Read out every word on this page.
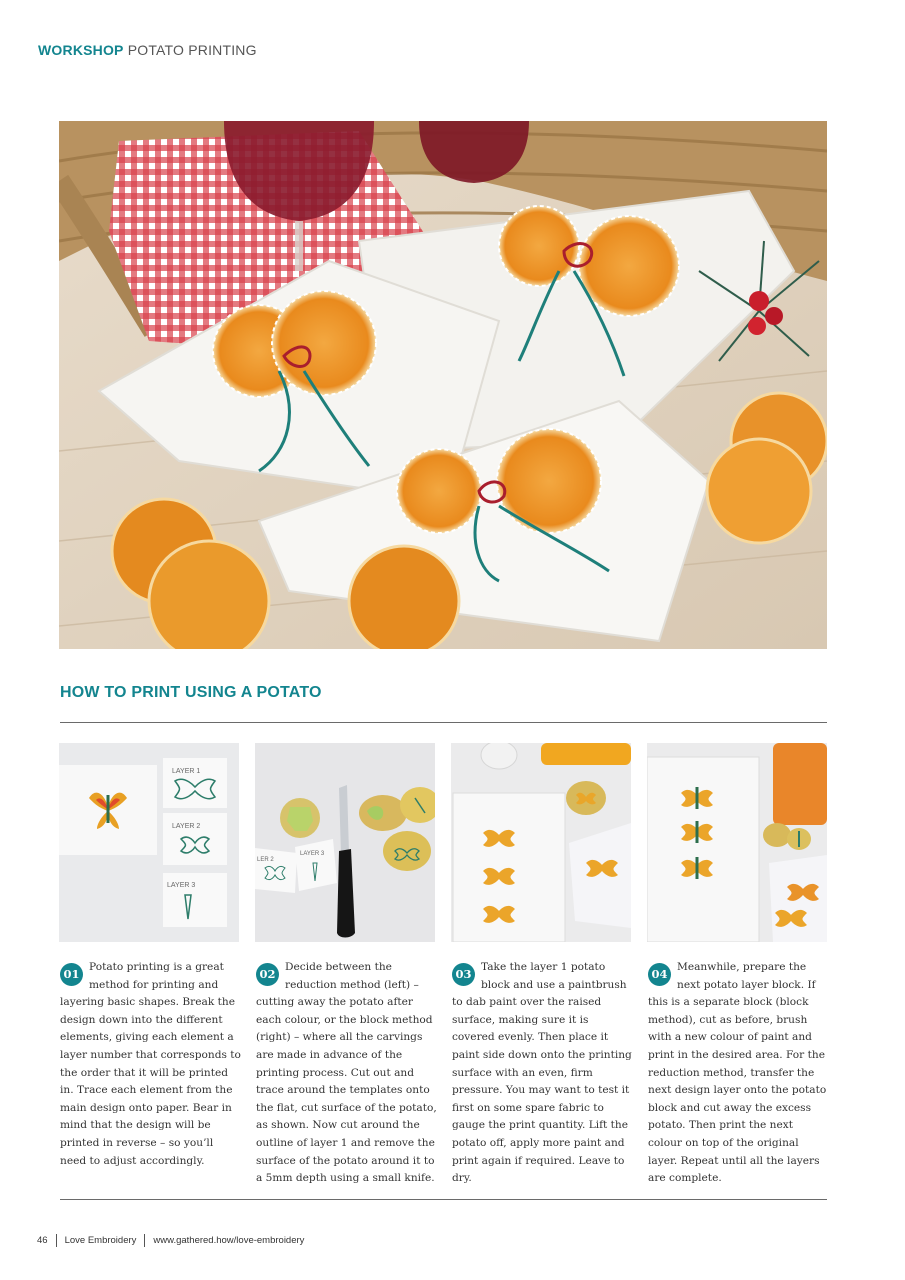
WORKSHOP POTATO PRINTING
HOW TO PRINT USING A POTATO
LAYER 1
LAYER 2
LAYER 3
LER 2
LAYER 3
01 Potato printing is a great method for printing and layering basic shapes. Break the design down into the different elements, giving each element a layer number that corresponds to the order that it will be printed in. Trace each element from the main design onto paper. Bear in mind that the design will be printed in reverse – so you’ll need to adjust accordingly.
02 Decide between the reduction method (left) – cutting away the potato after each colour, or the block method (right) – where all the carvings are made in advance of the printing process. Cut out and trace around the templates onto the flat, cut surface of the potato, as shown. Now cut around the outline of layer 1 and remove the surface of the potato around it to a 5mm depth using a small knife.
03 Take the layer 1 potato block and use a paintbrush to dab paint over the raised surface, making sure it is covered evenly. Then place it paint side down onto the printing surface with an even, firm pressure. You may want to test it first on some spare fabric to gauge the print quantity. Lift the potato off, apply more paint and print again if required. Leave to dry.
04 Meanwhile, prepare the next potato layer block. If this is a separate block (block method), cut as before, brush with a new colour of paint and print in the desired area. For the reduction method, transfer the next design layer onto the potato block and cut away the excess potato. Then print the next colour on top of the original layer. Repeat until all the layers are complete.
46 Love Embroidery www.gathered.how/love-embroidery
